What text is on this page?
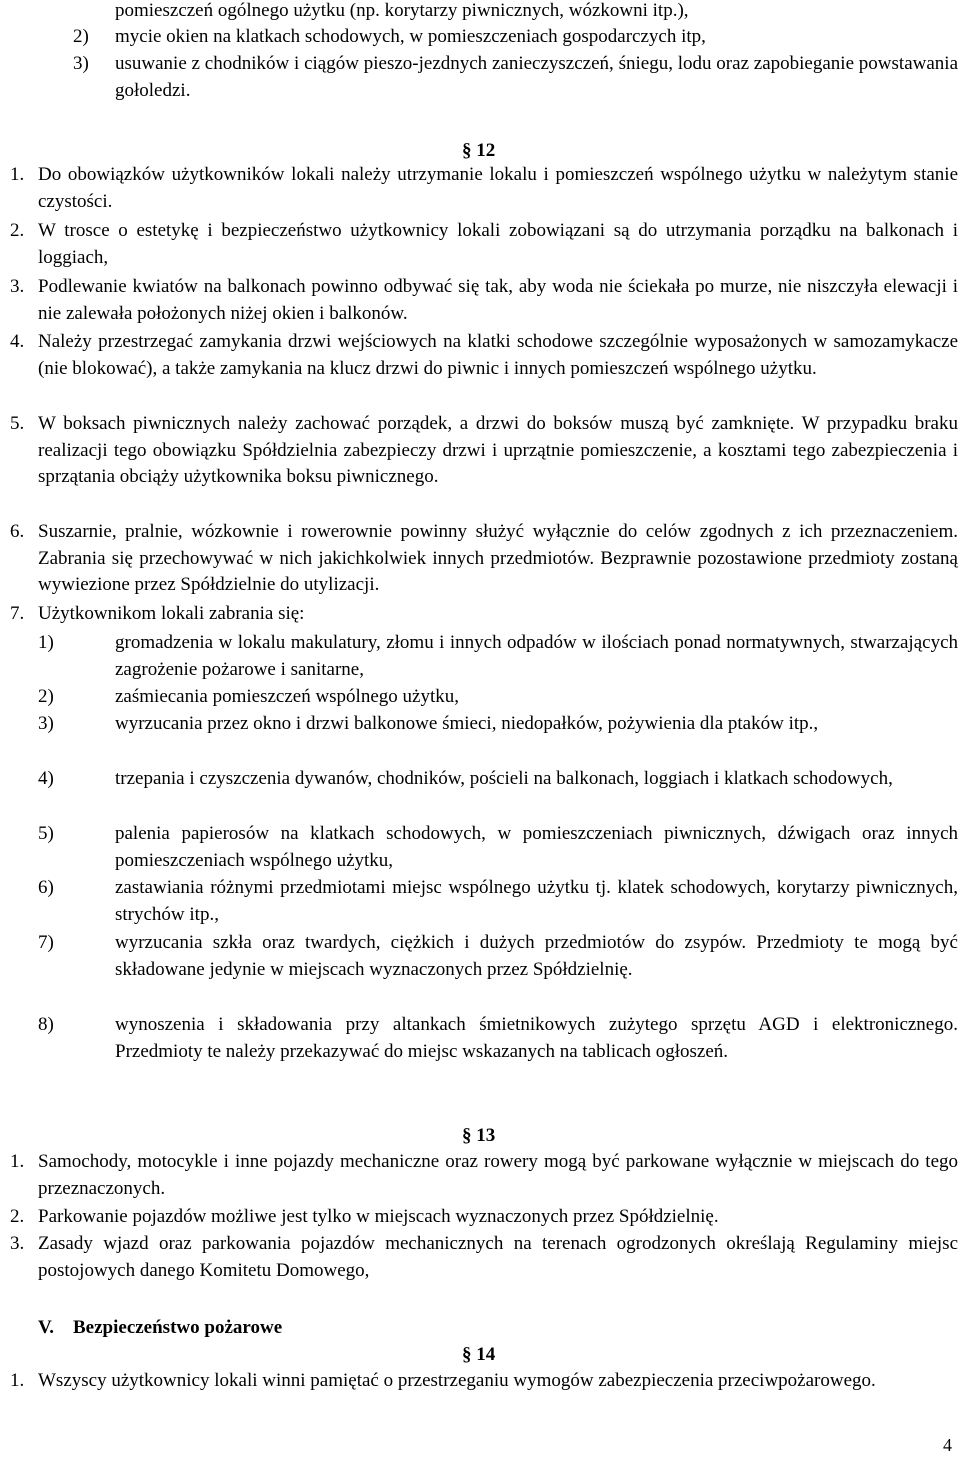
pomieszczeń ogólnego użytku (np. korytarzy piwnicznych, wózkowni itp.),
2) mycie okien na klatkach schodowych, w pomieszczeniach gospodarczych itp,
3) usuwanie z chodników i ciągów pieszo-jezdnych zanieczyszczeń, śniegu, lodu oraz zapobieganie powstawania gołoledzi.
§ 12
1. Do obowiązków użytkowników lokali należy utrzymanie lokalu i pomieszczeń wspólnego użytku w należytym stanie czystości.
2. W trosce o estetykę i bezpieczeństwo użytkownicy lokali zobowiązani są do utrzymania porządku na balkonach i loggiach,
3. Podlewanie kwiatów na balkonach powinno odbywać się tak, aby woda nie ściekała po murze, nie niszczyła elewacji i nie zalewała położonych niżej okien i balkonów.
4. Należy przestrzegać zamykania drzwi wejściowych na klatki schodowe szczególnie wyposażonych w samozamykacze (nie blokować), a także zamykania na klucz drzwi do piwnic i innych pomieszczeń wspólnego użytku.
5. W boksach piwnicznych należy zachować porządek, a drzwi do boksów muszą być zamknięte. W przypadku braku realizacji tego obowiązku Spółdzielnia zabezpieczy drzwi i uprzątnie pomieszczenie, a kosztami tego zabezpieczenia i sprzątania obciąży użytkownika boksu piwnicznego.
6. Suszarnie, pralnie, wózkownie i rowerownie powinny służyć wyłącznie do celów zgodnych z ich przeznaczeniem. Zabrania się przechowywać w nich jakichkolwiek innych przedmiotów. Bezprawnie pozostawione przedmioty zostaną wywiezione przez Spółdzielnie do utylizacji.
7. Użytkownikom lokali zabrania się:
1)	gromadzenia w lokalu makulatury, złomu i innych odpadów w ilościach ponad normatywnych, stwarzających zagrożenie pożarowe i sanitarne,
2)	zaśmiecania pomieszczeń wspólnego użytku,
3)	wyrzucania przez okno i drzwi balkonowe śmieci, niedopałków, pożywienia dla ptaków itp.,
4)	trzepania i czyszczenia dywanów, chodników, pościeli na balkonach, loggiach i klatkach schodowych,
5)	palenia papierosów na klatkach schodowych, w pomieszczeniach piwnicznych, dźwigach oraz innych pomieszczeniach wspólnego użytku,
6)	zastawiania różnymi przedmiotami miejsc wspólnego użytku tj. klatek schodowych, korytarzy piwnicznych, strychów itp.,
7)	wyrzucania szkła oraz twardych, ciężkich i dużych przedmiotów do zsypów. Przedmioty te mogą być składowane jedynie w miejscach wyznaczonych przez Spółdzielnię.
8)	wynoszenia i składowania przy altankach śmietnikowych zużytego sprzętu AGD i elektronicznego. Przedmioty te należy przekazywać do miejsc wskazanych na tablicach ogłoszeń.
§ 13
1. Samochody, motocykle i inne pojazdy mechaniczne oraz rowery mogą być parkowane wyłącznie w miejscach do tego przeznaczonych.
2. Parkowanie pojazdów możliwe jest tylko w miejscach wyznaczonych przez Spółdzielnię.
3. Zasady wjazd oraz parkowania pojazdów mechanicznych na terenach ogrodzonych określają Regulaminy miejsc postojowych danego Komitetu Domowego,
V. Bezpieczeństwo pożarowe
§ 14
1. Wszyscy użytkownicy lokali winni pamiętać o przestrzeganiu wymogów zabezpieczenia przeciwpożarowego.
4
